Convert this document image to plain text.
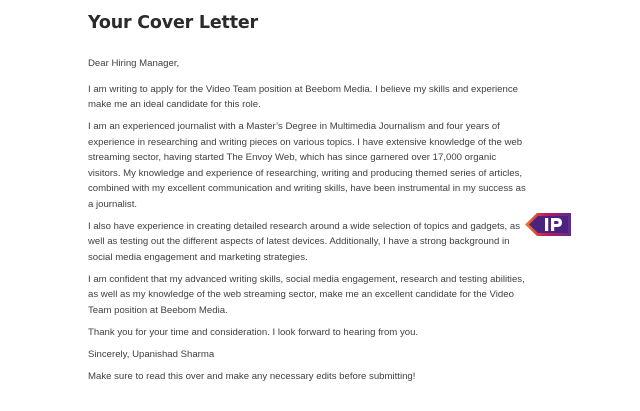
Your Cover Letter

Dear Hiring Manager,

I am writing to apply for the Video Team position at Beebom Media. I believe my skills and experience make me an ideal candidate for this role.

I am an experienced journalist with a Master’s Degree in Multimedia Journalism and four years of experience in researching and writing pieces on various topics. I have extensive knowledge of the web streaming sector, having started The Envoy Web, which has since garnered over 17,000 organic visitors. My knowledge and experience of researching, writing and producing themed series of articles, combined with my excellent communication and writing skills, have been instrumental in my success as a journalist.

I also have experience in creating detailed research around a wide selection of topics and gadgets, as well as testing out the different aspects of latest devices. Additionally, I have a strong background in social media engagement and marketing strategies.

I am confident that my advanced writing skills, social media engagement, research and testing abilities, as well as my knowledge of the web streaming sector, make me an excellent candidate for the Video Team position at Beebom Media.

Thank you for your time and consideration. I look forward to hearing from you.

Sincerely, Upanishad Sharma

Make sure to read this over and make any necessary edits before submitting!
